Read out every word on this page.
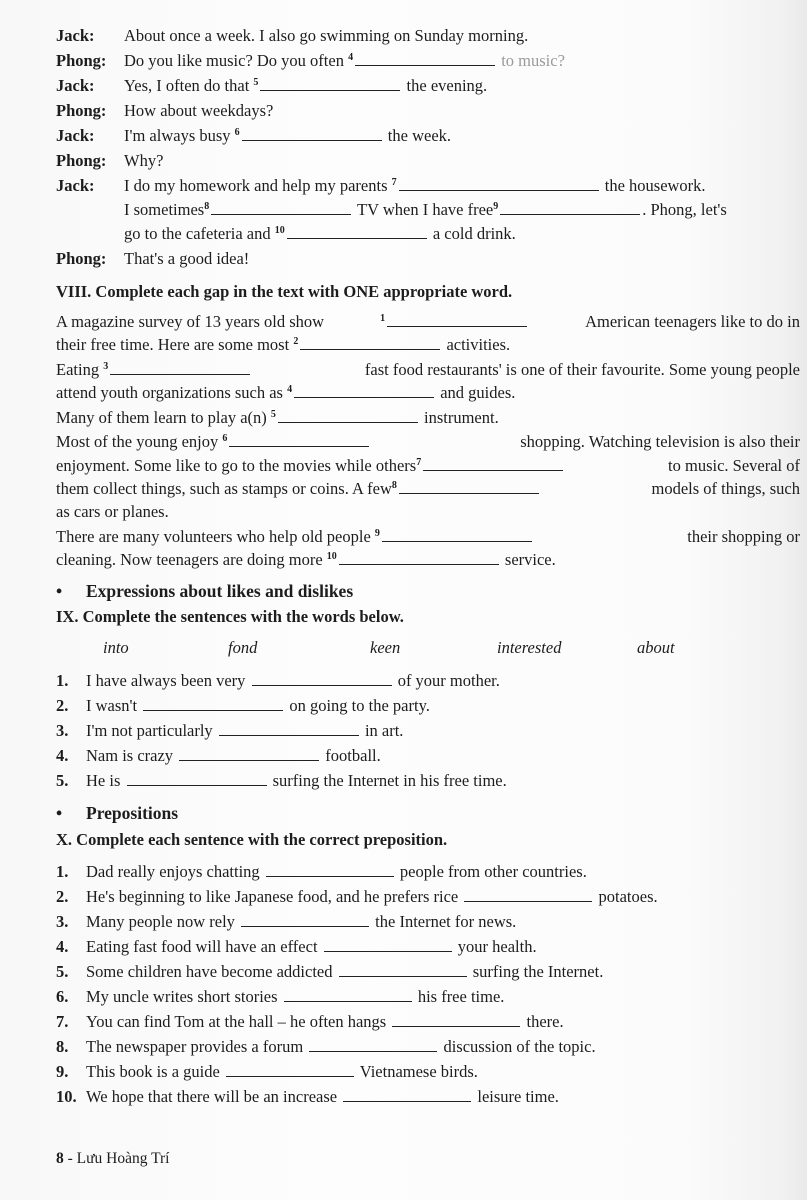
Jack: About once a week. I also go swimming on Sunday morning.
Phong: Do you like music? Do you often $^4$	to music?
Jack: Yes, I often do that $^5$	the evening.
Phong: How about weekdays?
Jack: I'm always busy $^6$	the week.
Phong: Why?
Jack: I do my homework and help my parents $^7$	the housework.
I sometimes$^8$	TV when I have free$^9$	. Phong, let's
go to the cafeteria and $^{10}$	a cold drink.
Phong: That's a good idea!
VIII. Complete each gap in the text with ONE appropriate word.
A magazine survey of 13 years old show	$^1$	American teenagers like to do in
their free time. Here are some most $^2$	activities.
Eating $^3$	fast food restaurants' is one of their favourite. Some young people
attend youth organizations such as $^4$	and guides.
Many of them learn to play a(n) $^5$	instrument.
Most of the young enjoy $^6$	shopping. Watching television is also their
enjoyment. Some like to go to the movies while others$^7$	to music. Several of
them collect things, such as stamps or coins. A few$^8$	models of things, such
as cars or planes.
There are many volunteers who help old people $^9$	their shopping or
cleaning. Now teenagers are doing more $^{10}$	service.
• Expressions about likes and dislikes
IX. Complete the sentences with the words below.
into	fond	keen	interested	about
1. I have always been very	of your mother.
2. I wasn't	on going to the party.
3. I'm not particularly	in art.
4. Nam is crazy	football.
5. He is	surfing the Internet in his free time.
• Prepositions
X. Complete each sentence with the correct preposition.
1. Dad really enjoys chatting	people from other countries.
2. He's beginning to like Japanese food, and he prefers rice	potatoes.
3. Many people now rely	the Internet for news.
4. Eating fast food will have an effect	your health.
5. Some children have become addicted	surfing the Internet.
6. My uncle writes short stories	his free time.
7. You can find Tom at the hall – he often hangs	there.
8. The newspaper provides a forum	discussion of the topic.
9. This book is a guide	Vietnamese birds.
10. We hope that there will be an increase	leisure time.
8 - Lưu Hoàng Trí
